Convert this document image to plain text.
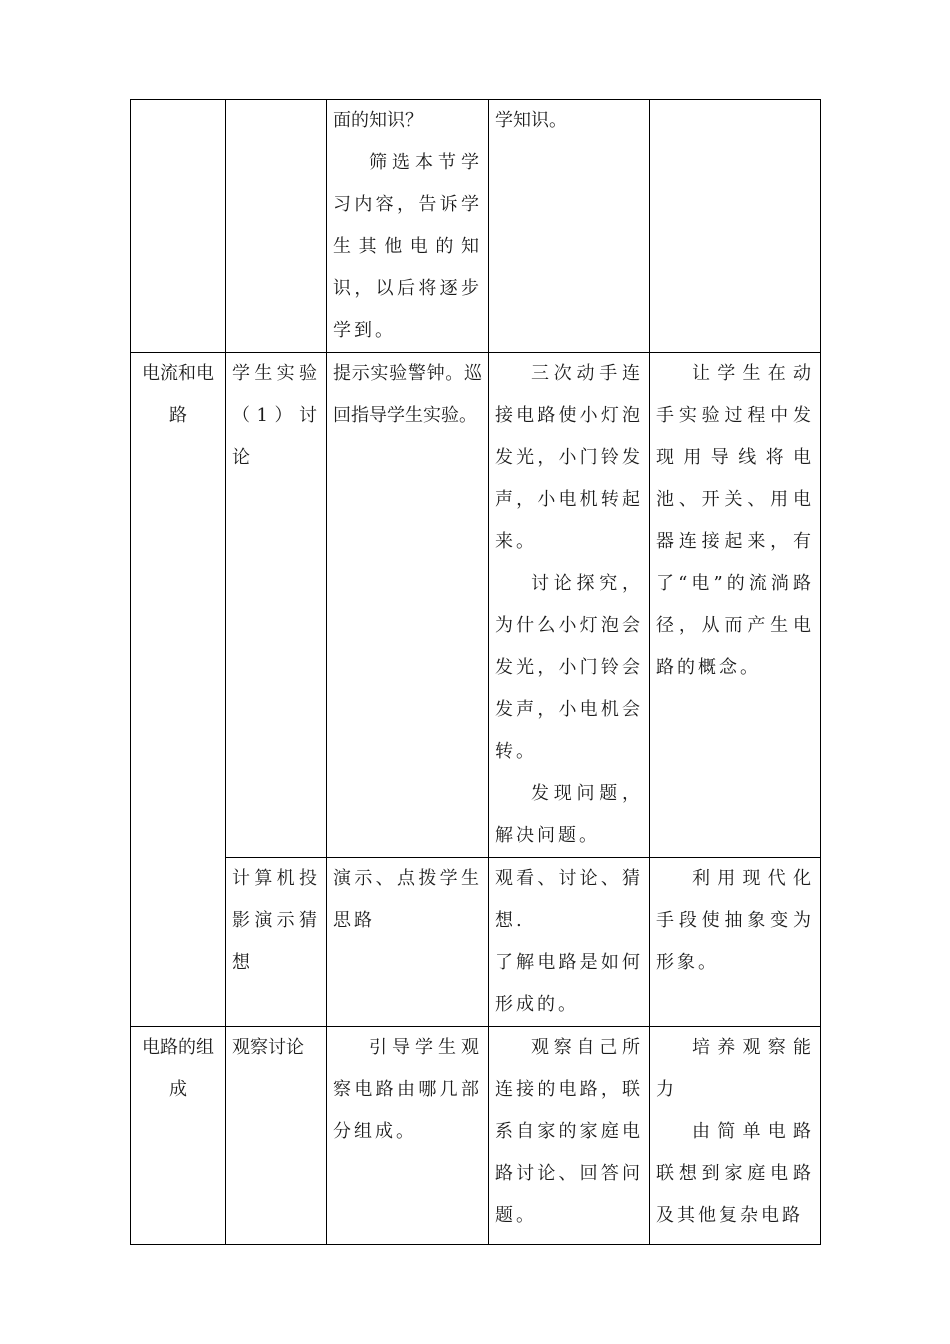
		面的知识？

筛选本节学习内容，告诉学生其他电的知识，以后将逐步学到。	学知识。	

电流和电路	学生实验（1）讨论	提示实验警钟。巡回指导学生实验。	三次动手连接电路使小灯泡发光，小门铃发声，小电机转起来。

讨论探究，为什么小灯泡会发光，小门铃会发声，小电机会转。

发现问题，解决问题。	让学生在动手实验过程中发现用导线将电池、开关、用电器连接起来，有了“电”的流淌路径，从而产生电路的概念。

	计算机投影演示猜想	演示、点拨学生思路	观看、讨论、猜想.

了解电路是如何形成的。	利用现代化手段使抽象变为形象。

电路的组成	观察讨论	引导学生观察电路由哪几部分组成。	观察自己所连接的电路，联系自家的家庭电路讨论、回答问题。	培养观察能力

由简单电路联想到家庭电路及其他复杂电路
